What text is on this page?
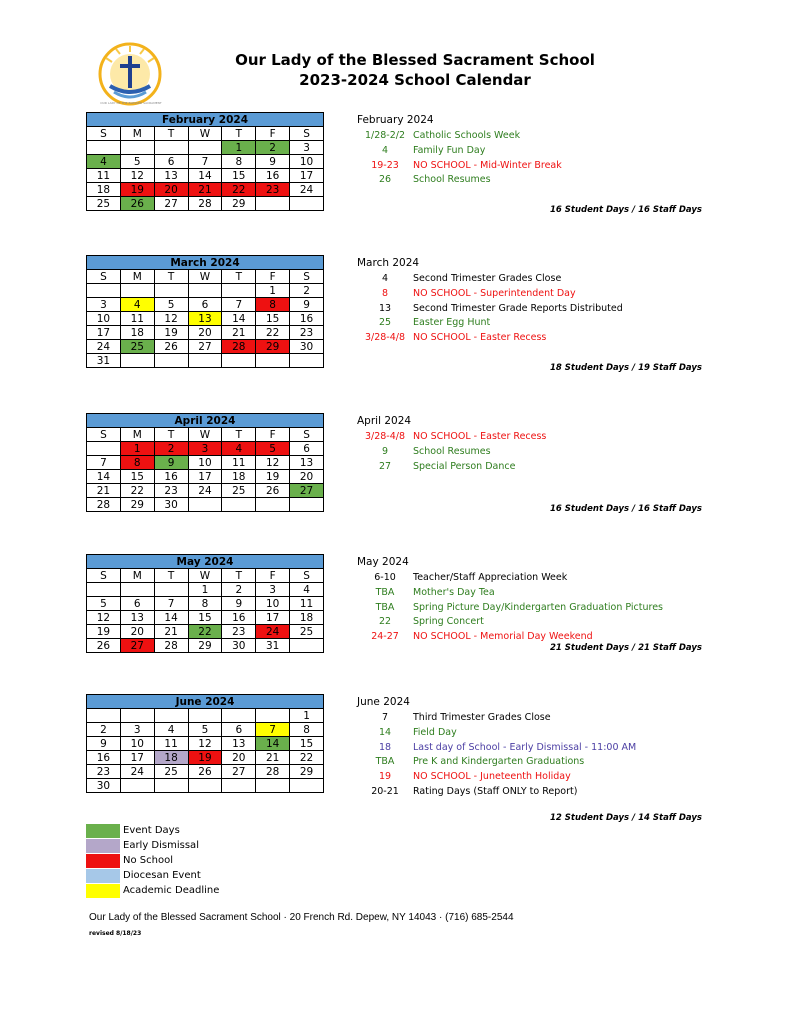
OUR LADY OF THE BLESSED SACRAMENT
Our Lady of the Blessed Sacrament School
2023-2024 School Calendar
February 2024						
S	M	T	W	T	F	S
				1	2	3
4	5	6	7	8	9	10
11	12	13	14	15	16	17
18	19	20	21	22	23	24
25	26	27	28	29		
February 2024
1/28-2/2 Catholic Schools Week
4	Family Fun Day
19-23	NO SCHOOL - Mid-Winter Break
26	School Resumes
16 Student Days / 16 Staff Days
March 2024						
S	M	T	W	T	F	S
					1	2
3	4	5	6	7	8	9
10	11	12	13	14	15	16
17	18	19	20	21	22	23
24	25	26	27	28	29	30
31						
March 2024
4	Second Trimester Grades Close
8	NO SCHOOL - Superintendent Day
13	Second Trimester Grade Reports Distributed
25	Easter Egg Hunt
3/28-4/8 NO SCHOOL - Easter Recess
18 Student Days / 19 Staff Days
April 2024						
S	M	T	W	T	F	S
	1	2	3	4	5	6
7	8	9	10	11	12	13
14	15	16	17	18	19	20
21	22	23	24	25	26	27
28	29	30				
April 2024
3/28-4/8 NO SCHOOL - Easter Recess
9	School Resumes
27	Special Person Dance
16 Student Days / 16 Staff Days
May 2024						
S	M	T	W	T	F	S
			1	2	3	4
5	6	7	8	9	10	11
12	13	14	15	16	17	18
19	20	21	22	23	24	25
26	27	28	29	30	31	
May 2024
6-10	Teacher/Staff Appreciation Week
TBA	Mother's Day Tea
TBA	Spring Picture Day/Kindergarten Graduation Pictures
22	Spring Concert
24-27	NO SCHOOL - Memorial Day Weekend
21 Student Days / 21 Staff Days
June 2024						
						1
2	3	4	5	6	7	8
9	10	11	12	13	14	15
16	17	18	19	20	21	22
23	24	25	26	27	28	29
30						
June 2024
7	Third Trimester Grades Close
14	Field Day
18	Last day of School - Early Dismissal - 11:00 AM
TBA	Pre K and Kindergarten Graduations
19	NO SCHOOL - Juneteenth Holiday
20-21	Rating Days (Staff ONLY to Report)
12 Student Days / 14 Staff Days
Event Days
Early Dismissal
No School
Diocesan Event
Academic Deadline
Our Lady of the Blessed Sacrament School · 20 French Rd. Depew, NY 14043 · (716) 685-2544
revised 8/18/23
